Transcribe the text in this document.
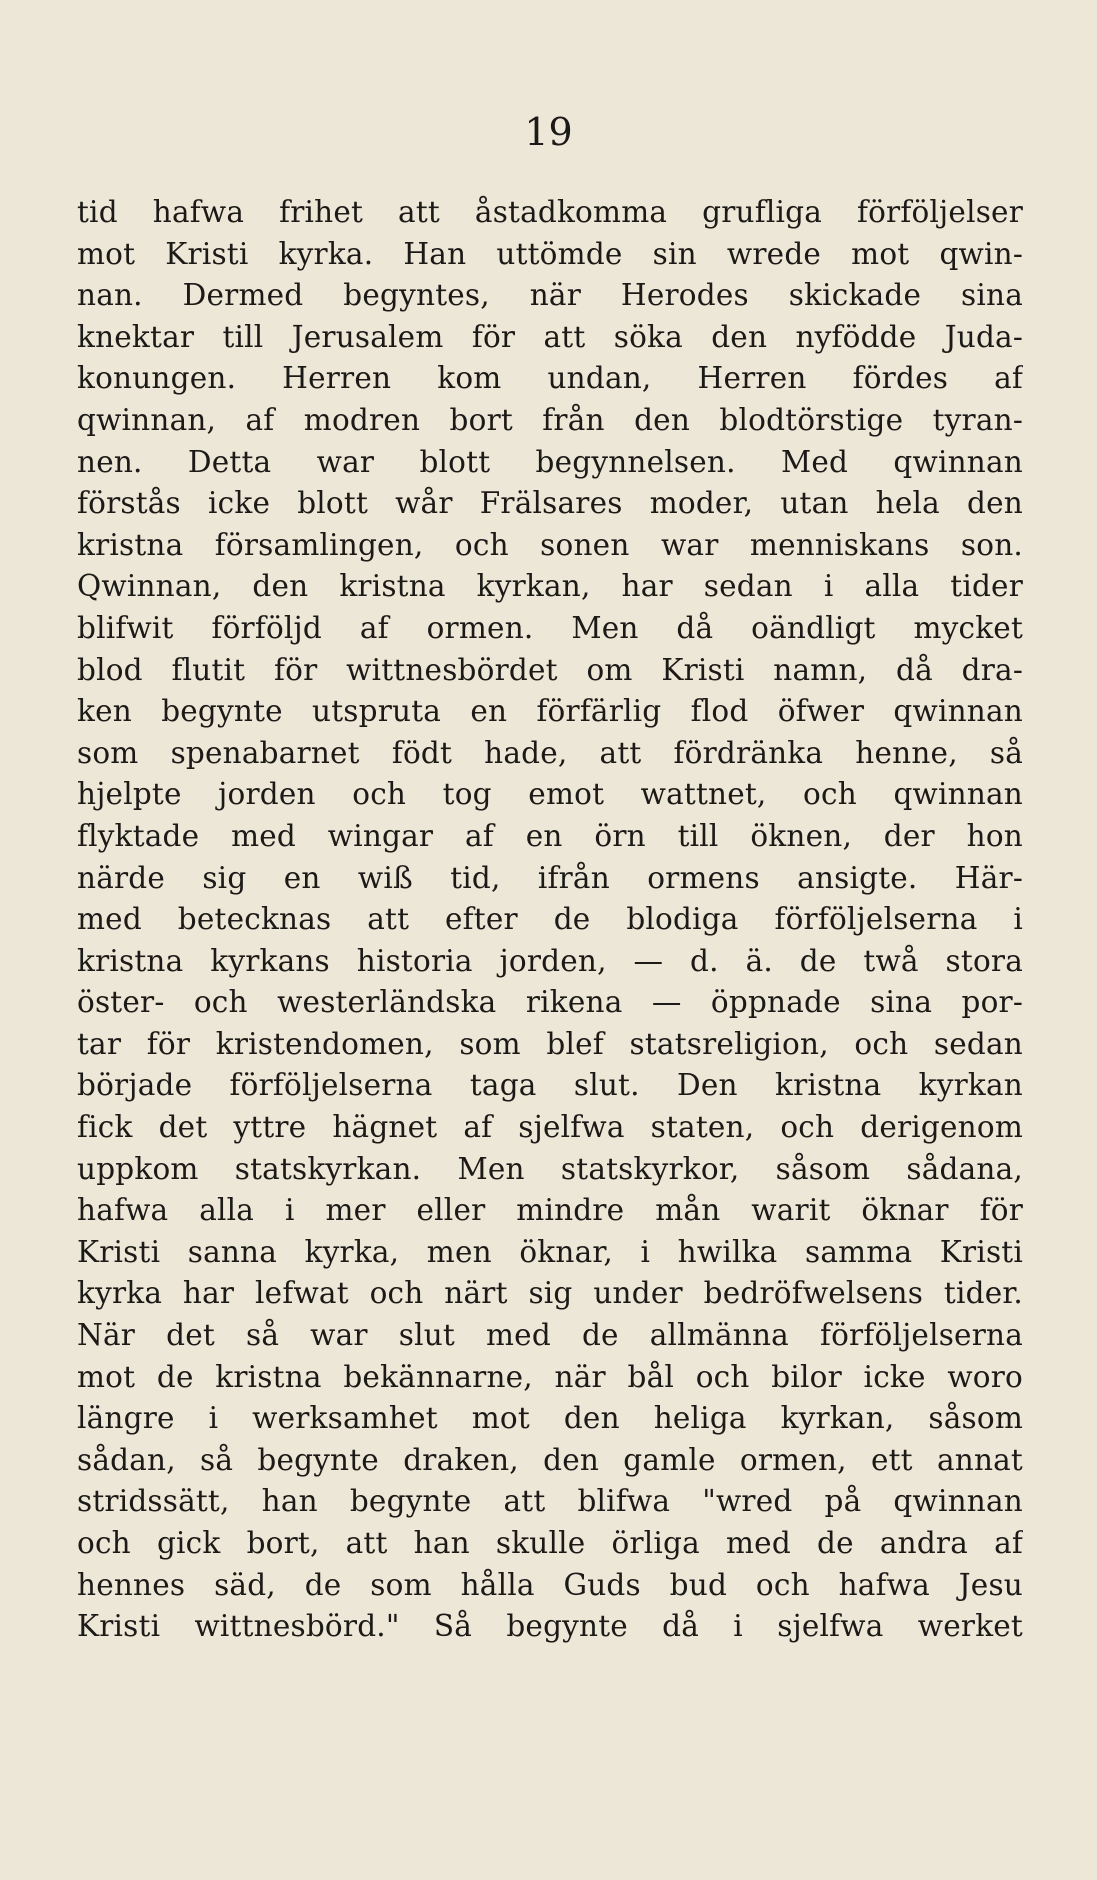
19
tid hafwa frihet att åstadkomma grufliga förföljelser
mot Kristi kyrka. Han uttömde sin wrede mot qwin-
nan. Dermed begyntes, när Herodes skickade sina
knektar till Jerusalem för att söka den nyfödde Juda-
konungen. Herren kom undan, Herren fördes af
qwinnan, af modren bort från den blodtörstige tyran-
nen. Detta war blott begynnelsen. Med qwinnan
förstås icke blott wår Frälsares moder, utan hela den
kristna församlingen, och sonen war menniskans son.
Qwinnan, den kristna kyrkan, har sedan i alla tider
blifwit förföljd af ormen. Men då oändligt mycket
blod flutit för wittnesbördet om Kristi namn, då dra-
ken begynte utspruta en förfärlig flod öfwer qwinnan
som spenabarnet födt hade, att fördränka henne, så
hjelpte jorden och tog emot wattnet, och qwinnan
flyktade med wingar af en örn till öknen, der hon
närde sig en wiß tid, ifrån ormens ansigte. Här-
med betecknas att efter de blodiga förföljelserna i
kristna kyrkans historia jorden, — d. ä. de twå stora
öster- och westerländska rikena — öppnade sina por-
tar för kristendomen, som blef statsreligion, och sedan
började förföljelserna taga slut. Den kristna kyrkan
fick det yttre hägnet af sjelfwa staten, och derigenom
uppkom statskyrkan. Men statskyrkor, såsom sådana,
hafwa alla i mer eller mindre mån warit öknar för
Kristi sanna kyrka, men öknar, i hwilka samma Kristi
kyrka har lefwat och närt sig under bedröfwelsens tider.
När det så war slut med de allmänna förföljelserna
mot de kristna bekännarne, när bål och bilor icke woro
längre i werksamhet mot den heliga kyrkan, såsom
sådan, så begynte draken, den gamle ormen, ett annat
stridssätt, han begynte att blifwa "wred på qwinnan
och gick bort, att han skulle örliga med de andra af
hennes säd, de som hålla Guds bud och hafwa Jesu
Kristi wittnesbörd." Så begynte då i sjelfwa werket
